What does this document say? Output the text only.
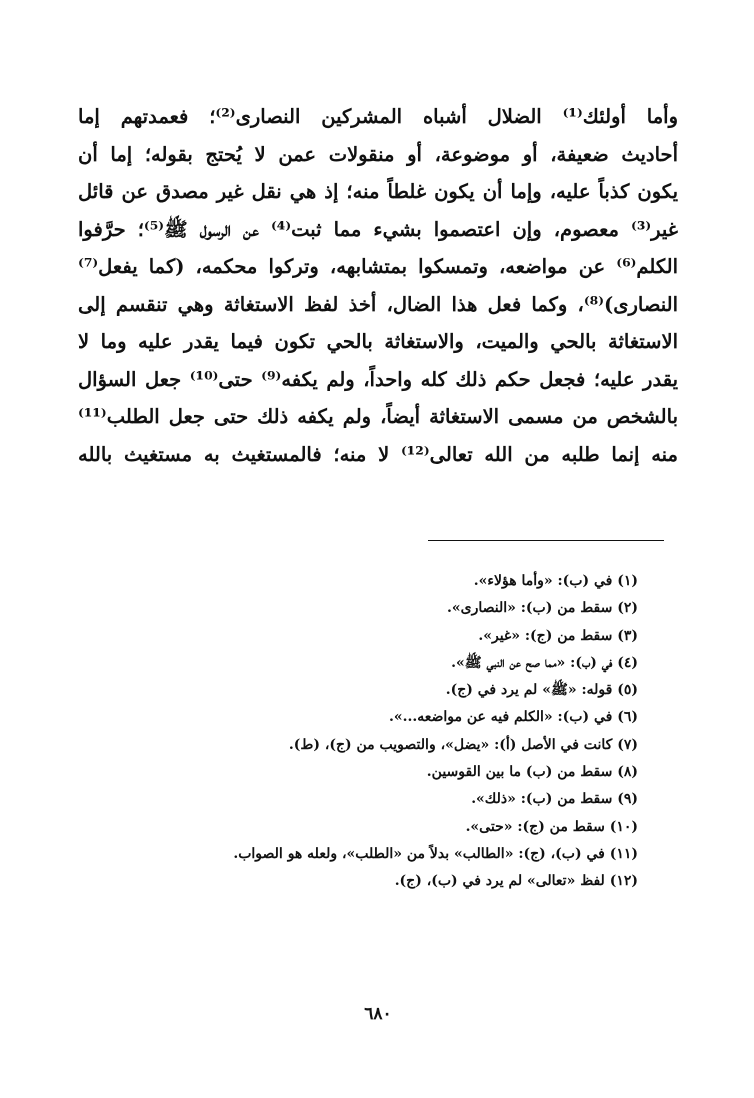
وأما أولئك⁽¹⁾ الضلال أشباه المشركين النصارى⁽²⁾؛ فعمدتهم إما
أحاديث ضعيفة، أو موضوعة، أو منقولات عمن لا يُحتج بقوله؛ إما أن
يكون كذباً عليه، وإما أن يكون غلطاً منه؛ إذ هي نقل غير مصدق عن قائل
غير⁽³⁾ معصوم، وإن اعتصموا بشيء مما ثبت⁽⁴⁾ عن الرسول ﷺ⁽⁵⁾؛ حرَّفوا
الكلم⁽⁶⁾ عن مواضعه، وتمسكوا بمتشابهه، وتركوا محكمه، (كما يفعل⁽⁷⁾
النصارى)⁽⁸⁾، وكما فعل هذا الضال، أخذ لفظ الاستغاثة وهي تنقسم إلى
الاستغاثة بالحي والميت، والاستغاثة بالحي تكون فيما يقدر عليه وما لا
يقدر عليه؛ فجعل حكم ذلك كله واحداً، ولم يكفه⁽⁹⁾ حتى⁽¹⁰⁾ جعل السؤال
بالشخص من مسمى الاستغاثة أيضاً، ولم يكفه ذلك حتى جعل الطلب⁽¹¹⁾
منه إنما طلبه من الله تعالى⁽¹²⁾ لا منه؛ فالمستغيث به مستغيث بالله
(١) في (ب): «وأما هؤلاء».
(٢) سقط من (ب): «النصارى».
(٣) سقط من (ج): «غير».
(٤) في (ب): «مما صح عن النبي ﷺ».
(٥) قوله: «ﷺ» لم يرد في (ج).
(٦) في (ب): «الكلم فيه عن مواضعه...».
(٧) كانت في الأصل (أ): «يضل»، والتصويب من (ج)، (ط).
(٨) سقط من (ب) ما بين القوسين.
(٩) سقط من (ب): «ذلك».
(١٠) سقط من (ج): «حتى».
(١١) في (ب)، (ج): «الطالب» بدلاً من «الطلب»، ولعله هو الصواب.
(١٢) لفظ «تعالى» لم يرد في (ب)، (ج).
٦٨٠
